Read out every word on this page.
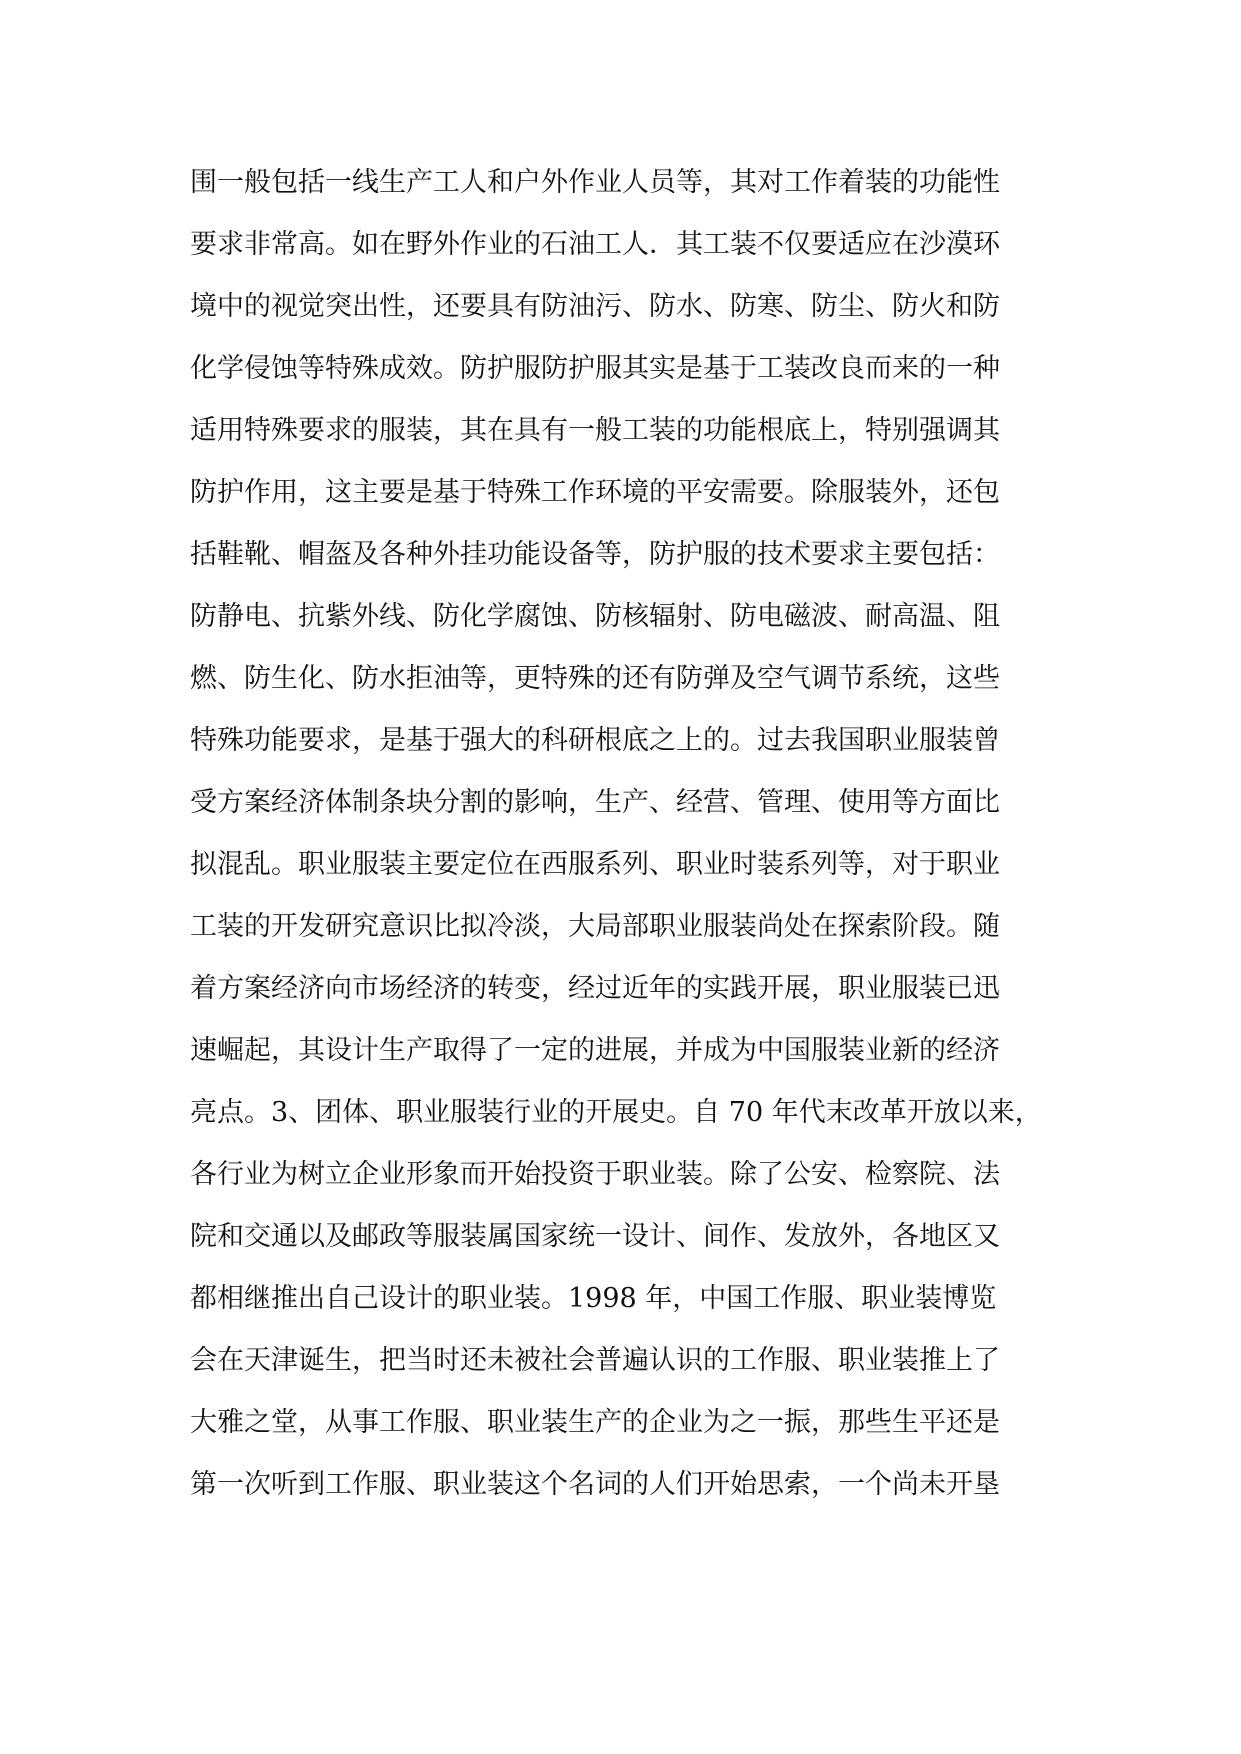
围一般包括一线生产工人和户外作业人员等，其对工作着装的功能性
要求非常高。如在野外作业的石油工人．其工装不仅要适应在沙漠环
境中的视觉突出性，还要具有防油污、防水、防寒、防尘、防火和防
化学侵蚀等特殊成效。防护服防护服其实是基于工装改良而来的一种
适用特殊要求的服装，其在具有一般工装的功能根底上，特别强调其
防护作用，这主要是基于特殊工作环境的平安需要。除服装外，还包
括鞋靴、帽盔及各种外挂功能设备等，防护服的技术要求主要包括：
防静电、抗紫外线、防化学腐蚀、防核辐射、防电磁波、耐高温、阻
燃、防生化、防水拒油等，更特殊的还有防弹及空气调节系统，这些
特殊功能要求，是基于强大的科研根底之上的。过去我国职业服装曾
受方案经济体制条块分割的影响，生产、经营、管理、使用等方面比
拟混乱。职业服装主要定位在西服系列、职业时装系列等，对于职业
工装的开发研究意识比拟冷淡，大局部职业服装尚处在探索阶段。随
着方案经济向市场经济的转变，经过近年的实践开展，职业服装已迅
速崛起，其设计生产取得了一定的进展，并成为中国服装业新的经济
亮点。3、团体、职业服装行业的开展史。自 70 年代末改革开放以来，
各行业为树立企业形象而开始投资于职业装。除了公安、检察院、法
院和交通以及邮政等服装属国家统一设计、间作、发放外，各地区又
都相继推出自己设计的职业装。1998 年，中国工作服、职业装博览
会在天津诞生，把当时还未被社会普遍认识的工作服、职业装推上了
大雅之堂，从事工作服、职业装生产的企业为之一振，那些生平还是
第一次听到工作服、职业装这个名词的人们开始思索，一个尚未开垦
